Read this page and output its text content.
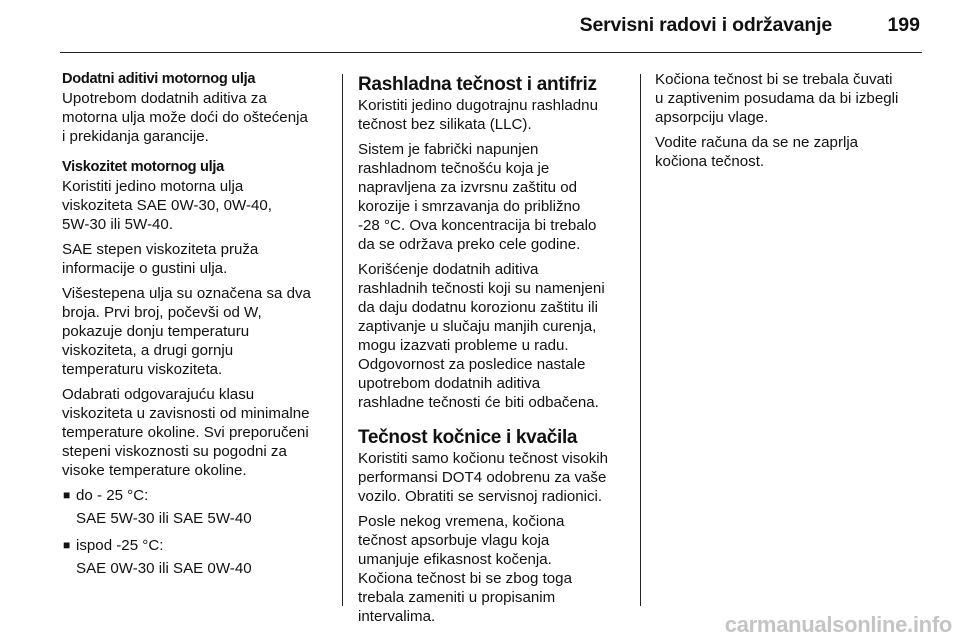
Servisni radovi i održavanje	199
Dodatni aditivi motornog ulja

Upotrebom dodatnih aditiva za
motorna ulja može doći do oštećenja
i prekidanja garancije.

Viskozitet motornog ulja

Koristiti jedino motorna ulja
viskoziteta SAE 0W-30, 0W-40,
5W-30 ili 5W-40.

SAE stepen viskoziteta pruža
informacije o gustini ulja.

Višestepena ulja su označena sa dva
broja. Prvi broj, počevši od W,
pokazuje donju temperaturu
viskoziteta, a drugi gornju
temperaturu viskoziteta.

Odabrati odgovarajuću klasu
viskoziteta u zavisnosti od minimalne
temperature okoline. Svi preporučeni
stepeni viskoznosti su pogodni za
visoke temperature okoline.

■ do - 25 °C:
SAE 5W-30 ili SAE 5W-40
■ ispod -25 °C:
SAE 0W-30 ili SAE 0W-40
Rashladna tečnost i antifriz

Koristiti jedino dugotrajnu rashladnu
tečnost bez silikata (LLC).

Sistem je fabrički napunjen
rashladnom tečnošću koja je
napravljena za izvrsnu zaštitu od
korozije i smrzavanja do približno
-28 °C. Ova koncentracija bi trebalo
da se održava preko cele godine.

Korišćenje dodatnih aditiva
rashladnih tečnosti koji su namenjeni
da daju dodatnu korozionu zaštitu ili
zaptivanje u slučaju manjih curenja,
mogu izazvati probleme u radu.
Odgovornost za posledice nastale
upotrebom dodatnih aditiva
rashladne tečnosti će biti odbačena.

Tečnost kočnice i kvačila

Koristiti samo kočionu tečnost visokih
performansi DOT4 odobrenu za vaše
vozilo. Obratiti se servisnoj radionici.

Posle nekog vremena, kočiona
tečnost apsorbuje vlagu koja
umanjuje efikasnost kočenja.
Kočiona tečnost bi se zbog toga
trebala zameniti u propisanim
intervalima.

Kočiona tečnost bi se trebala čuvati
u zaptivenim posudama da bi izbegli
apsorpciju vlage.

Vodite računa da se ne zaprlja
kočiona tečnost.

carmanualsonline.info
